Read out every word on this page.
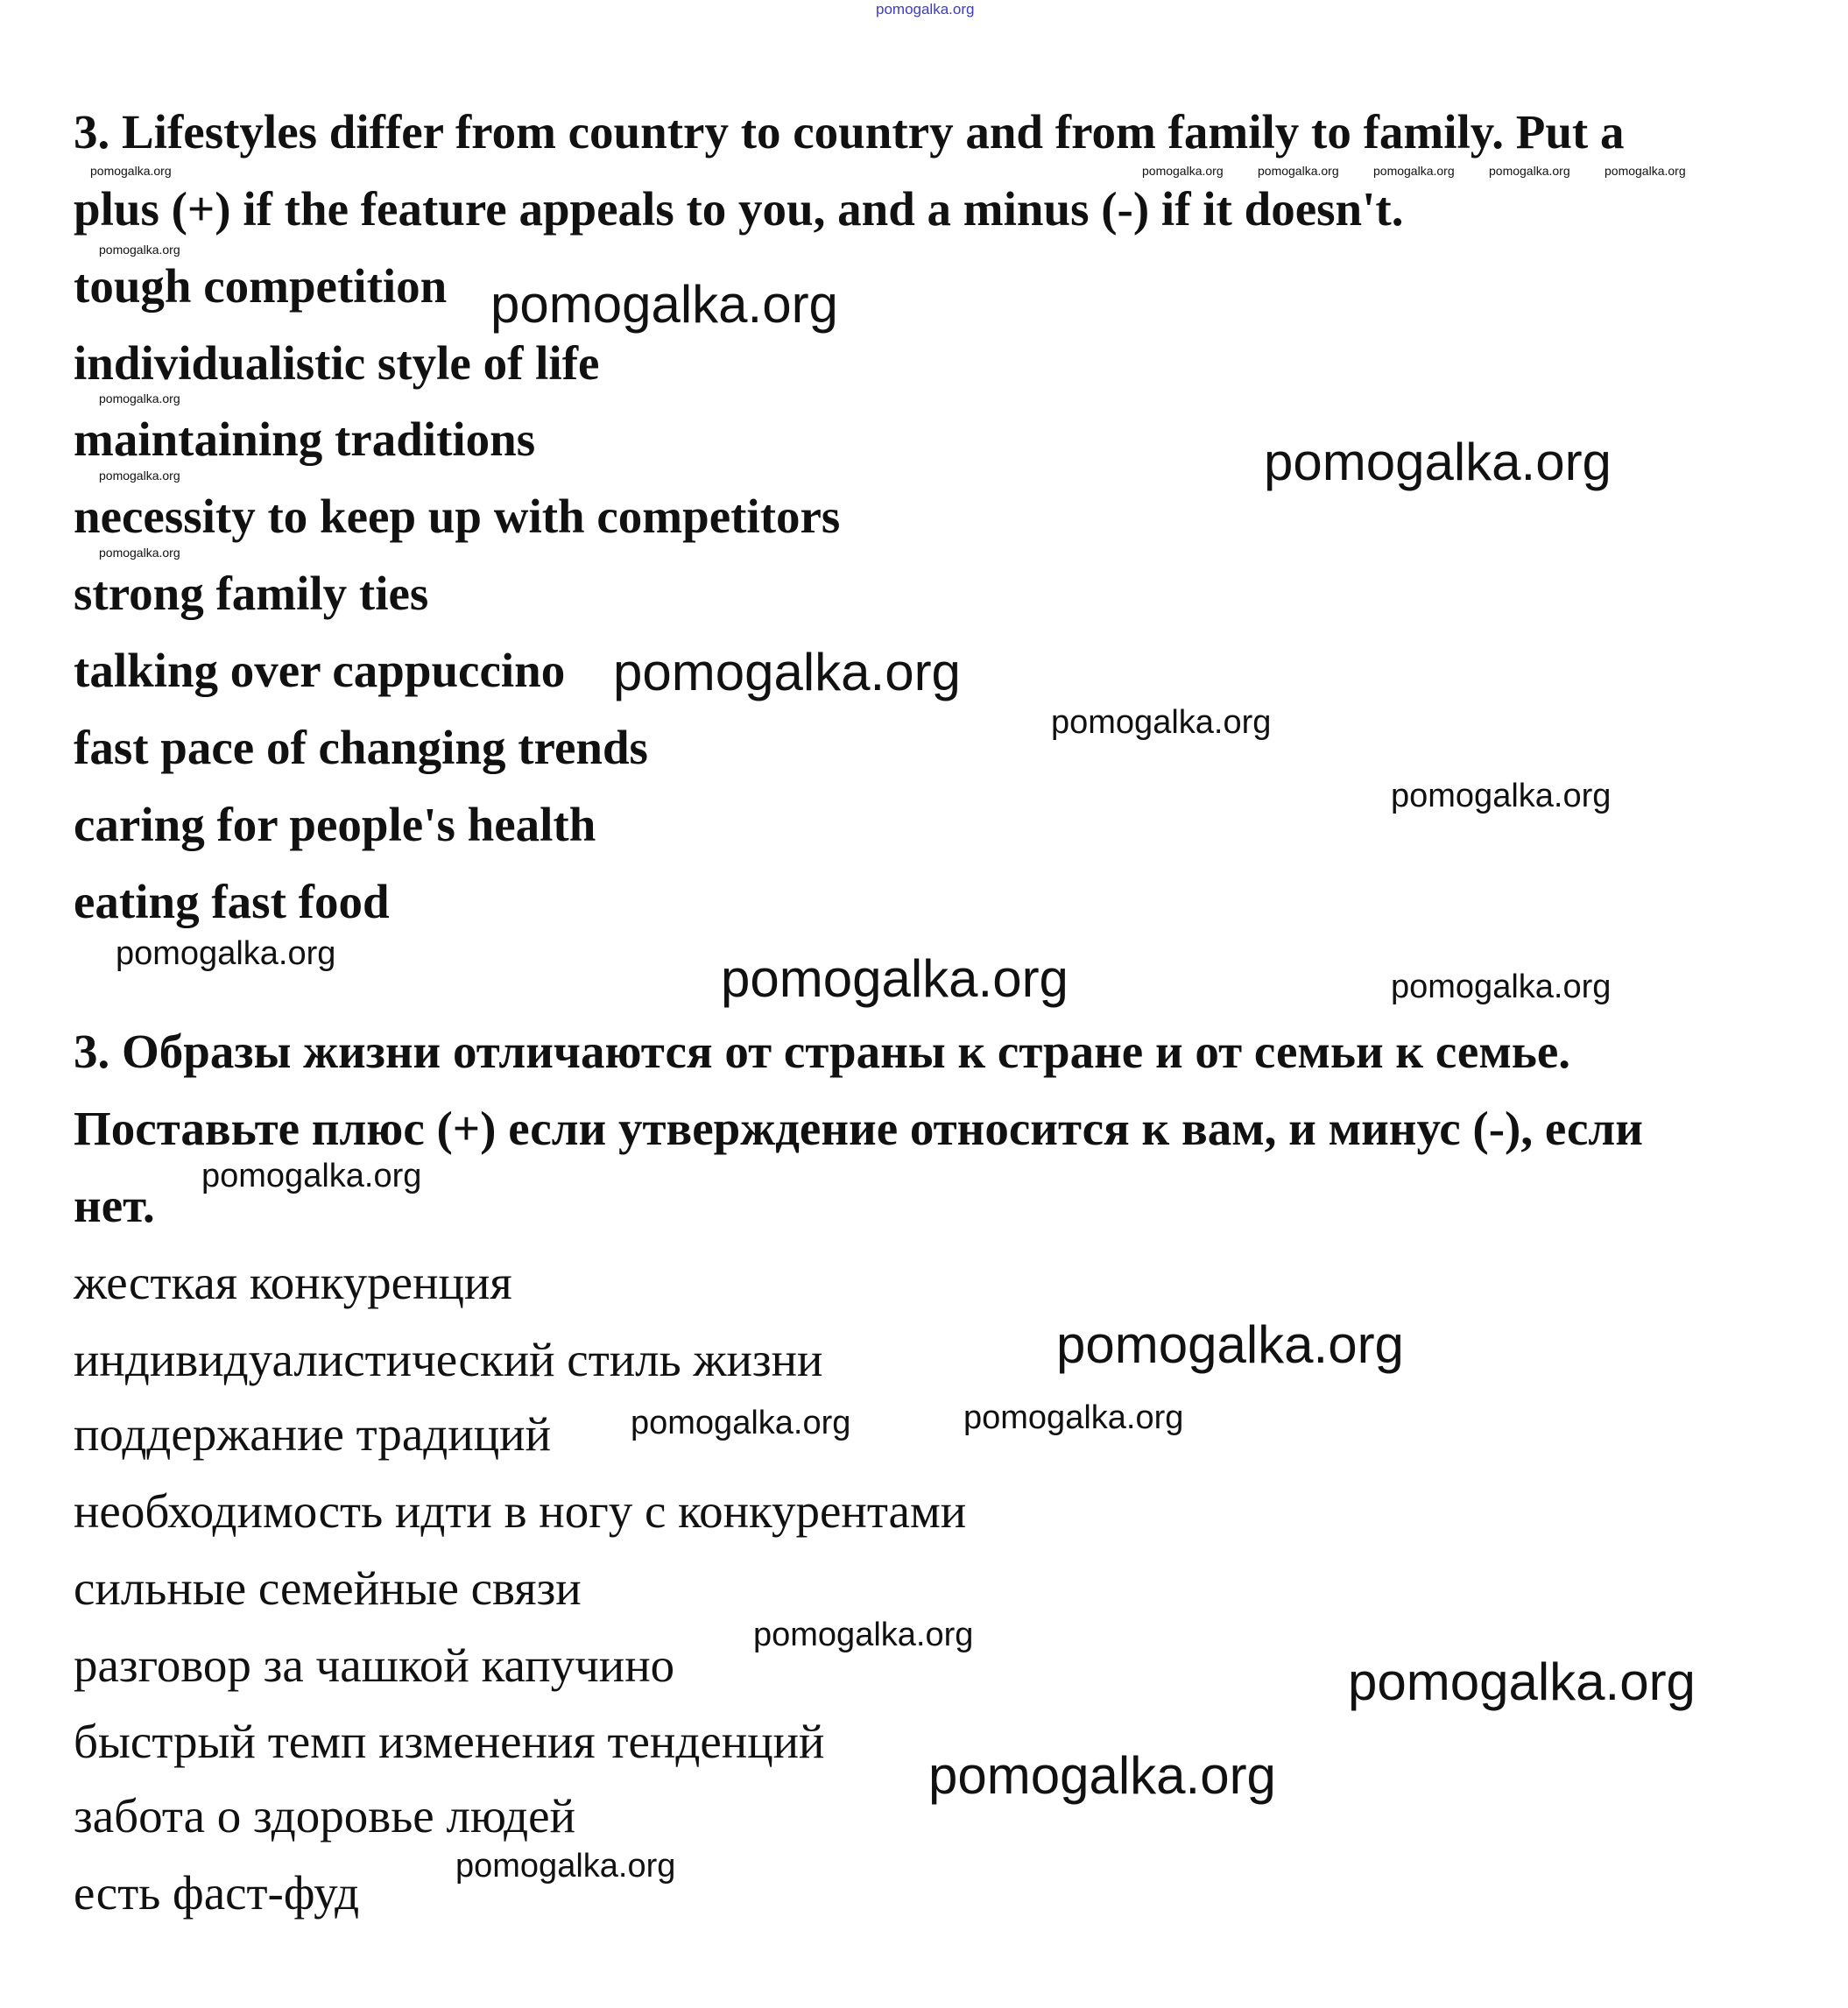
3. Lifestyles differ from country to country and from family to family. Put a
plus (+) if the feature appeals to you, and a minus (-) if it doesn't.
tough competition
individualistic style of life
maintaining traditions
necessity to keep up with competitors
strong family ties
talking over cappuccino
fast pace of changing trends
caring for people's health
eating fast food
3. Образы жизни отличаются от страны к стране и от семьи к семье.
Поставьте плюс (+) если утверждение относится к вам, и минус (-), если
нет.
жесткая конкуренция
индивидуалистический стиль жизни
поддержание традиций
необходимость идти в ногу с конкурентами
сильные семейные связи
разговор за чашкой капучино
быстрый темп изменения тенденций
забота о здоровье людей
есть фаст-фуд
pomogalka.org
pomogalka.org	pomogalka.org	pomogalka.org	pomogalka.org	pomogalka.org	pomogalka.org
pomogalka.org
pomogalka.org
pomogalka.org
pomogalka.org
pomogalka.org
pomogalka.org
pomogalka.org
pomogalka.org
pomogalka.org
pomogalka.org
pomogalka.org
pomogalka.org
pomogalka.org
pomogalka.org
pomogalka.org
pomogalka.org
pomogalka.org
pomogalka.org
pomogalka.org
pomogalka.org
